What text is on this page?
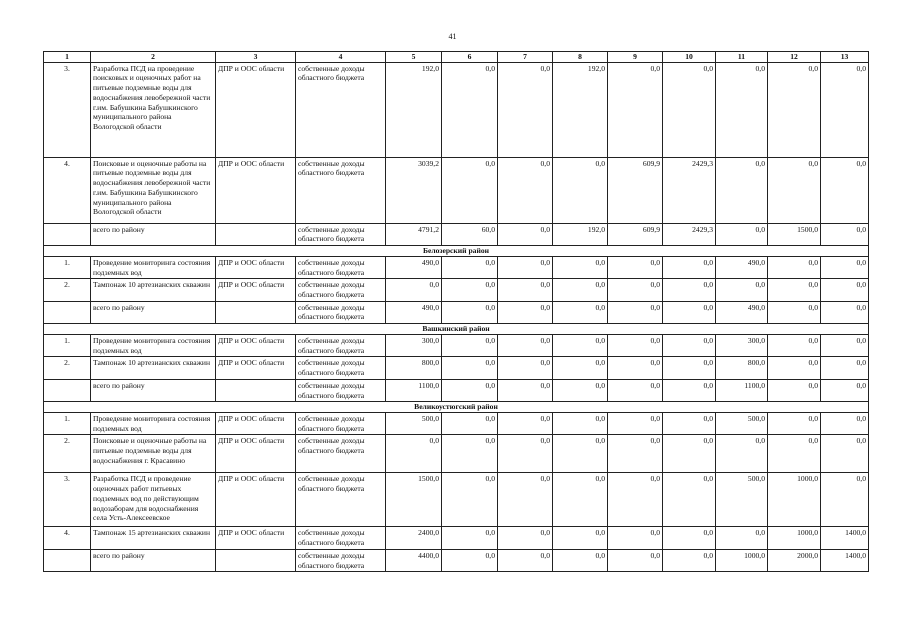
41
1	2	3	4	5	6	7	8	9	10	11	12	13
3.	Разработка ПСД на проведение поисковых и оценочных работ на питьевые подземные воды для водоснабжения левобережной части г.им. Бабушкина Бабушкинского муниципального района Вологодской области	ДПР и ООС области	собственные доходы областного бюджета	192,0	0,0	0,0	192,0	0,0	0,0	0,0	0,0	0,0
4.	Поисковые и оценочные работы на питьевые подземные воды для водоснабжения левобережной части г.им. Бабушкина Бабушкинского муниципального района Вологодской области	ДПР и ООС области	собственные доходы областного бюджета	3039,2	0,0	0,0	0,0	609,9	2429,3	0,0	0,0	0,0
	всего по району		собственные доходы областного бюджета	4791,2	60,0	0,0	192,0	609,9	2429,3	0,0	1500,0	0,0
Белозерский район												
1.	Проведение мониторинга состояния подземных вод	ДПР и ООС области	собственные доходы областного бюджета	490,0	0,0	0,0	0,0	0,0	0,0	490,0	0,0	0,0
2.	Тампонаж 10 артезианских скважин	ДПР и ООС области	собственные доходы областного бюджета	0,0	0,0	0,0	0,0	0,0	0,0	0,0	0,0	0,0
	всего по району		собственные доходы областного бюджета	490,0	0,0	0,0	0,0	0,0	0,0	490,0	0,0	0,0
Вашкинский район												
1.	Проведение мониторинга состояния подземных вод	ДПР и ООС области	собственные доходы областного бюджета	300,0	0,0	0,0	0,0	0,0	0,0	300,0	0,0	0,0
2.	Тампонаж 10 артезианских скважин	ДПР и ООС области	собственные доходы областного бюджета	800,0	0,0	0,0	0,0	0,0	0,0	800,0	0,0	0,0
	всего по району		собственные доходы областного бюджета	1100,0	0,0	0,0	0,0	0,0	0,0	1100,0	0,0	0,0
Великоустюгский район												
1.	Проведение мониторинга состояния подземных вод	ДПР и ООС области	собственные доходы областного бюджета	500,0	0,0	0,0	0,0	0,0	0,0	500,0	0,0	0,0
2.	Поисковые и оценочные работы на питьевые подземные воды для водоснабжения г. Красавино	ДПР и ООС области	собственные доходы областного бюджета	0,0	0,0	0,0	0,0	0,0	0,0	0,0	0,0	0,0
3.	Разработка ПСД и проведение оценочных работ питьевых подземных вод по действующим водозаборам для водоснабжения села Усть-Алексеевское	ДПР и ООС области	собственные доходы областного бюджета	1500,0	0,0	0,0	0,0	0,0	0,0	500,0	1000,0	0,0
4.	Тампонаж 15 артезианских скважин	ДПР и ООС области	собственные доходы областного бюджета	2400,0	0,0	0,0	0,0	0,0	0,0	0,0	1000,0	1400,0
	всего по району		собственные доходы областного бюджета	4400,0	0,0	0,0	0,0	0,0	0,0	1000,0	2000,0	1400,0
